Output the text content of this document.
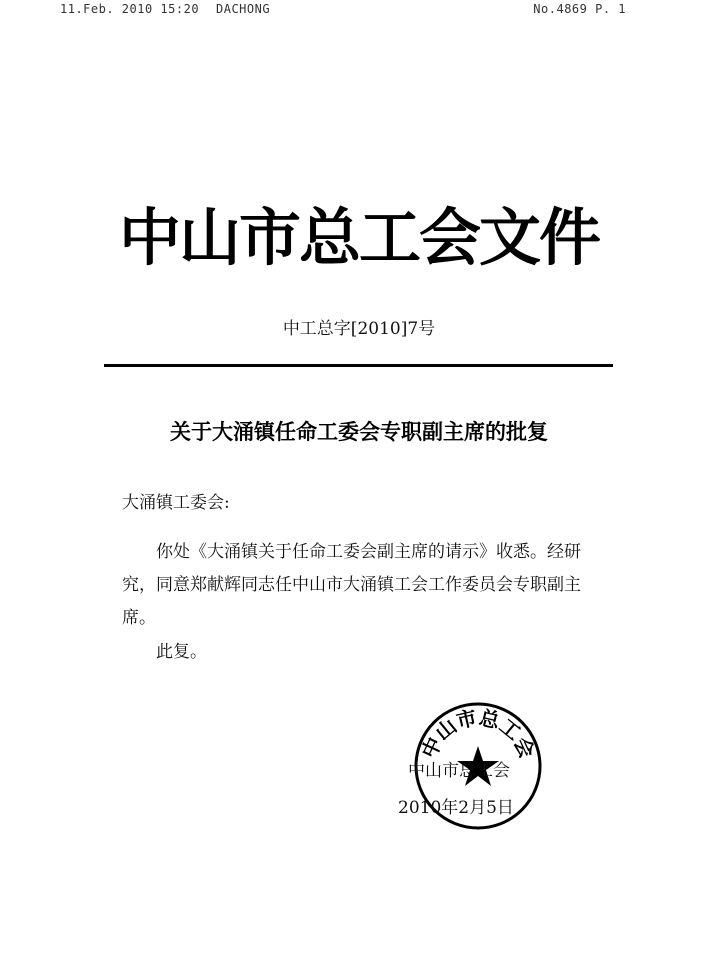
11.Feb. 2010 15:20 DACHONG	No.4869 P. 1
中山市总工会文件
中工总字[2010]7号
关于大涌镇任命工委会专职副主席的批复
大涌镇工委会:

你处《大涌镇关于任命工委会副主席的请示》收悉。经研究，同意郑献辉同志任中山市大涌镇工会工作委员会专职副主席。

此复。
中山市总工会
中山市总工会
2010年2月5日
